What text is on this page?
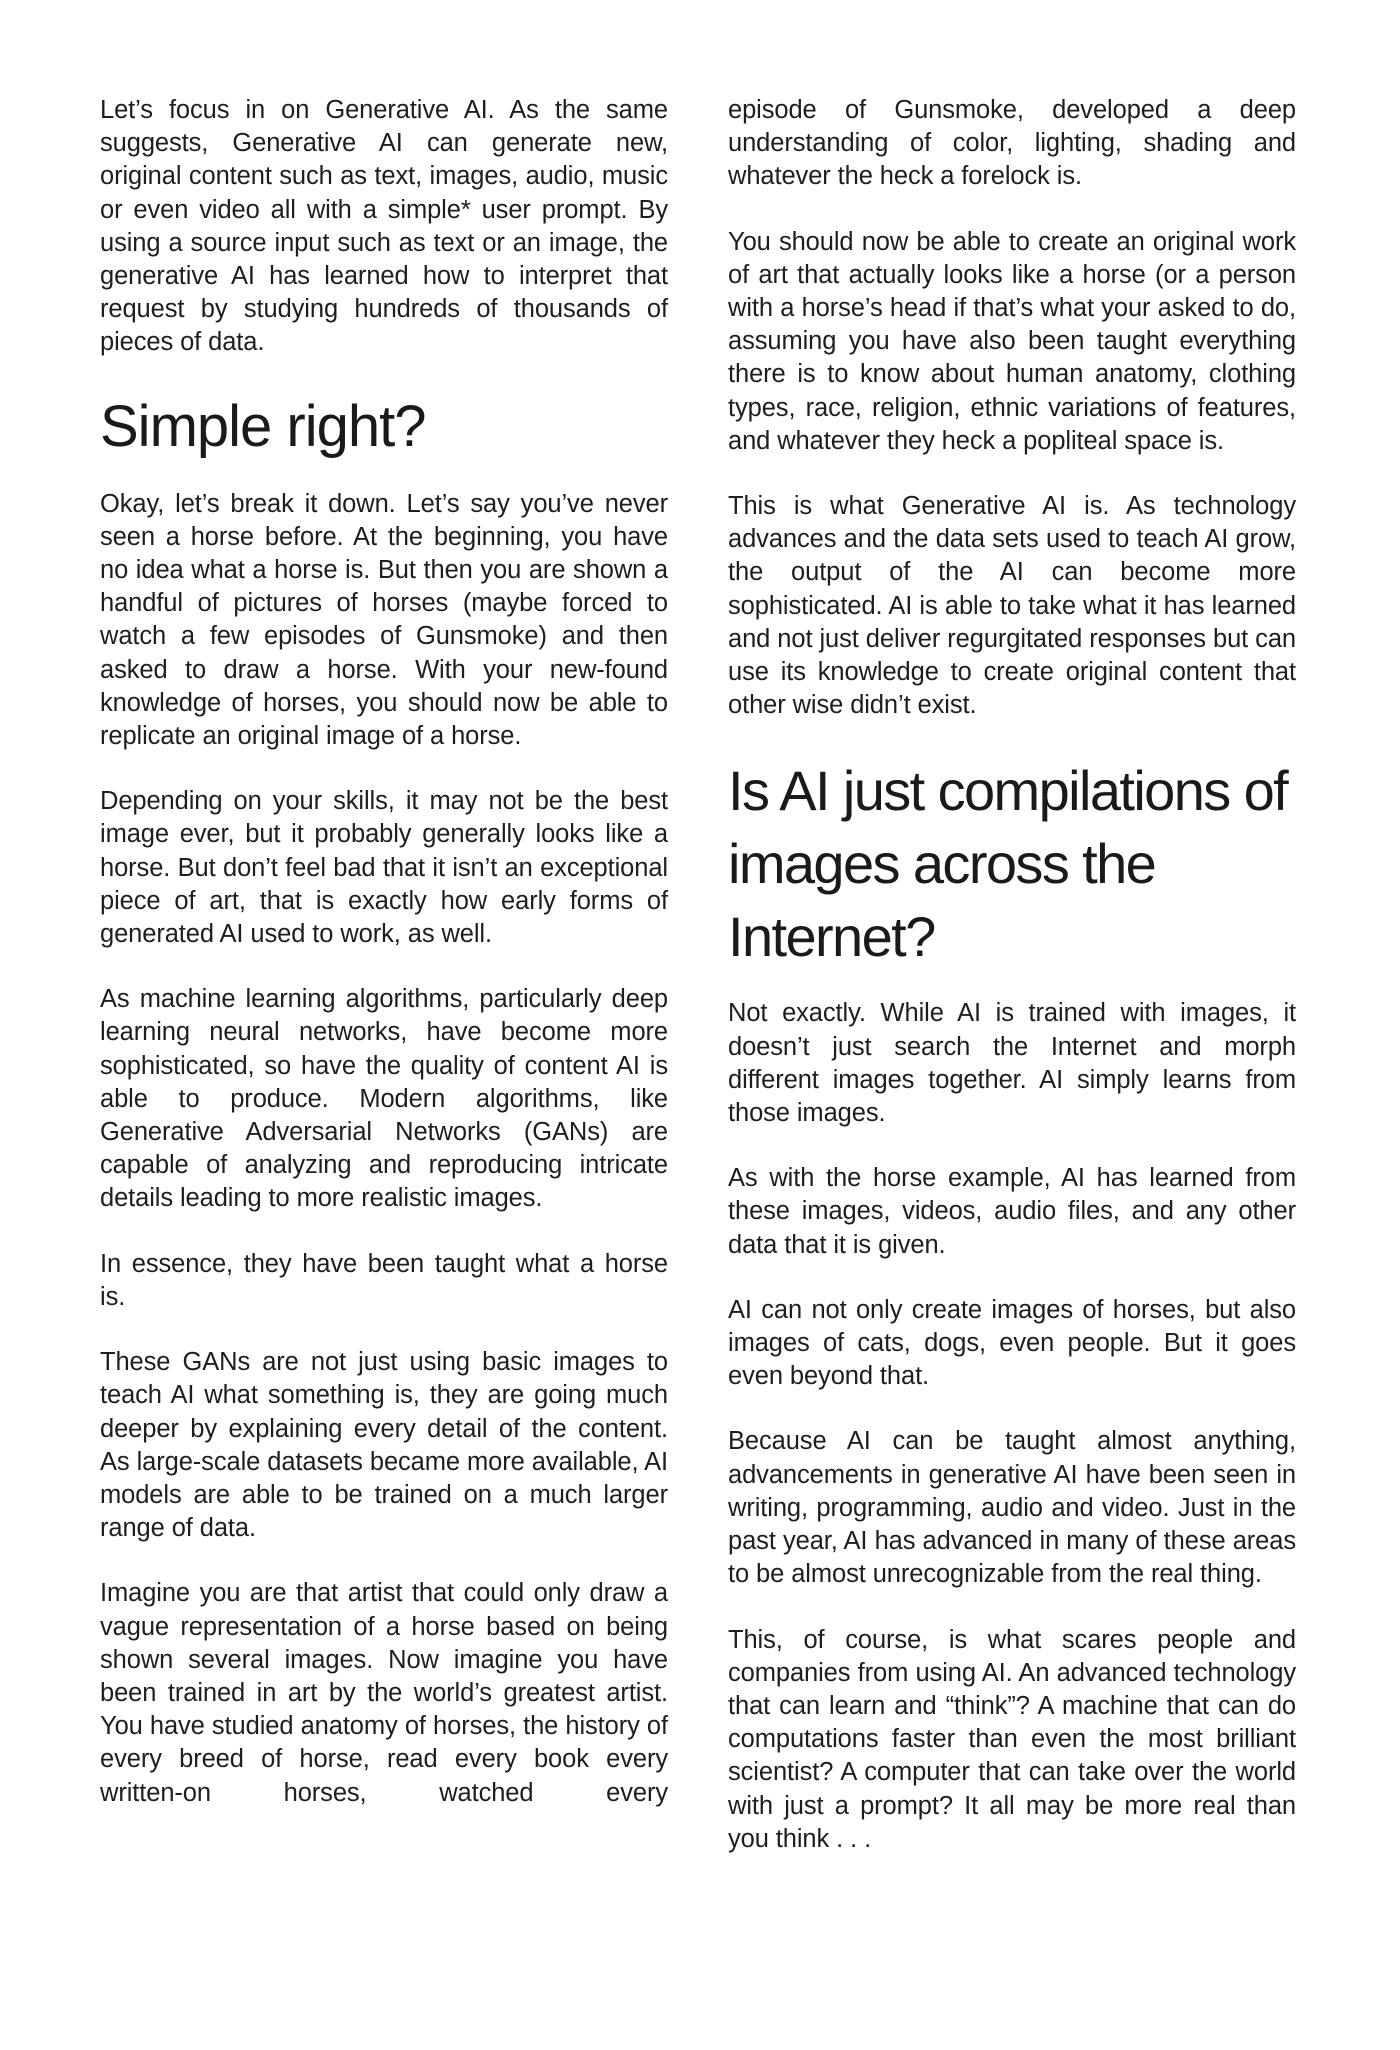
Let’s focus in on Generative AI. As the same suggests, Generative AI can generate new, original content such as text, images, audio, music or even video all with a simple* user prompt. By using a source input such as text or an image, the generative AI has learned how to interpret that request by studying hundreds of thousands of pieces of data.

Simple right?

Okay, let’s break it down. Let’s say you’ve never seen a horse before. At the beginning, you have no idea what a horse is. But then you are shown a handful of pictures of horses (maybe forced to watch a few episodes of Gunsmoke) and then asked to draw a horse. With your new-found knowledge of horses, you should now be able to replicate an original image of a horse.

Depending on your skills, it may not be the best image ever, but it probably generally looks like a horse. But don’t feel bad that it isn’t an exceptional piece of art, that is exactly how early forms of generated AI used to work, as well.

As machine learning algorithms, particularly deep learning neural networks, have become more sophisticated, so have the quality of content AI is able to produce. Modern algorithms, like Generative Adversarial Networks (GANs) are capable of analyzing and reproducing intricate details leading to more realistic images.

In essence, they have been taught what a horse is.

These GANs are not just using basic images to teach AI what something is, they are going much deeper by explaining every detail of the content. As large-scale datasets became more available, AI models are able to be trained on a much larger range of data.

Imagine you are that artist that could only draw a vague representation of a horse based on being shown several images. Now imagine you have been trained in art by the world’s greatest artist. You have studied anatomy of horses, the history of every breed of horse, read every book every written-on horses, watched every

episode of Gunsmoke, developed a deep understanding of color, lighting, shading and whatever the heck a forelock is.

You should now be able to create an original work of art that actually looks like a horse (or a person with a horse’s head if that’s what your asked to do, assuming you have also been taught everything there is to know about human anatomy, clothing types, race, religion, ethnic variations of features, and whatever they heck a popliteal space is.

This is what Generative AI is. As technology advances and the data sets used to teach AI grow, the output of the AI can become more sophisticated. AI is able to take what it has learned and not just deliver regurgitated responses but can use its knowledge to create original content that other wise didn’t exist.

Is AI just compilations of images across the Internet?

Not exactly. While AI is trained with images, it doesn’t just search the Internet and morph different images together. AI simply learns from those images.

As with the horse example, AI has learned from these images, videos, audio files, and any other data that it is given.

AI can not only create images of horses, but also images of cats, dogs, even people. But it goes even beyond that.

Because AI can be taught almost anything, advancements in generative AI have been seen in writing, programming, audio and video. Just in the past year, AI has advanced in many of these areas to be almost unrecognizable from the real thing.

This, of course, is what scares people and companies from using AI. An advanced technology that can learn and “think”? A machine that can do computations faster than even the most brilliant scientist? A computer that can take over the world with just a prompt? It all may be more real than you think . . .
